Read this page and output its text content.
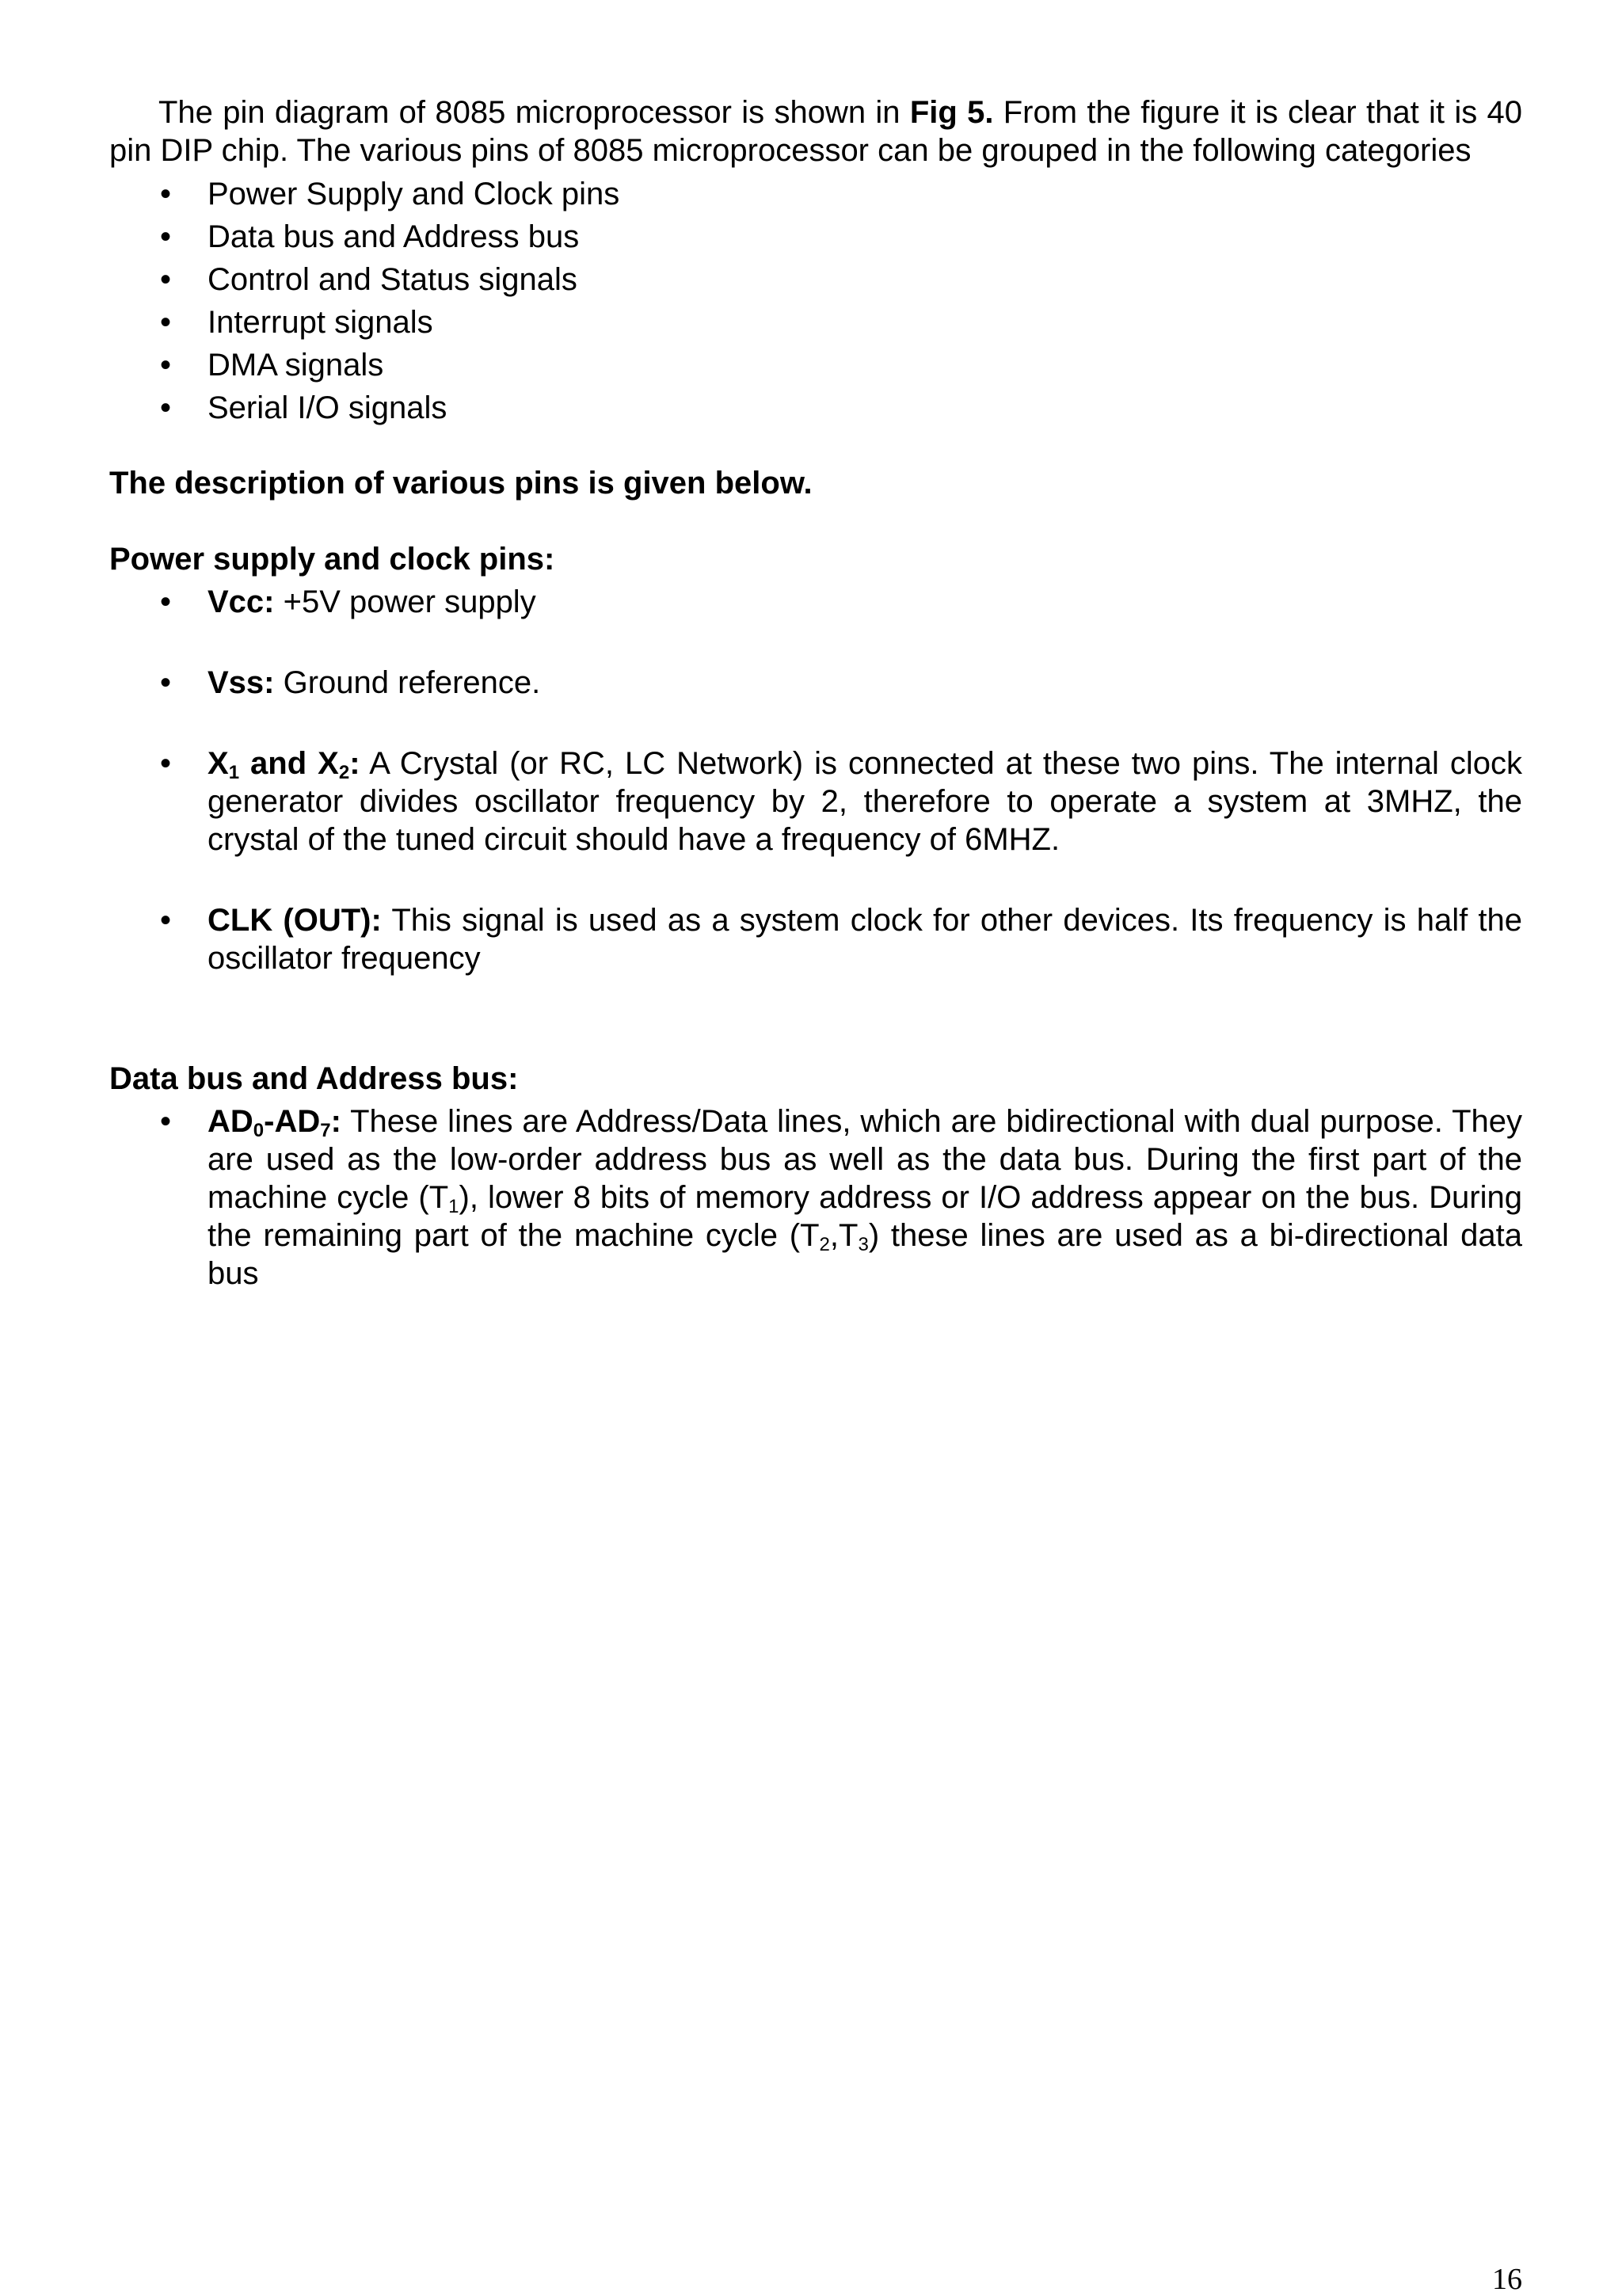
The pin diagram of 8085 microprocessor is shown in Fig 5. From the figure it is clear that it is 40 pin DIP chip. The various pins of 8085 microprocessor can be grouped in the following categories

• Power Supply and Clock pins
• Data bus and Address bus
• Control and Status signals
• Interrupt signals
• DMA signals
• Serial I/O signals

The description of various pins is given below.

Power supply and clock pins:

• Vcc: +5V power supply
• Vss: Ground reference.
• $X_1$ and $X_2$: A Crystal (or RC, LC Network) is connected at these two pins. The internal clock generator divides oscillator frequency by 2, therefore to operate a system at 3MHZ, the crystal of the tuned circuit should have a frequency of 6MHZ.
• CLK (OUT): This signal is used as a system clock for other devices. Its frequency is half the oscillator frequency

Data bus and Address bus:

• $AD_0-AD_7$: These lines are Address/Data lines, which are bidirectional with dual purpose. They are used as the low-order address bus as well as the data bus. During the first part of the machine cycle $(T_1)$, lower 8 bits of memory address or I/O address appear on the bus. During the remaining part of the machine cycle $(T_2,T_3)$ these lines are used as a bi-directional data bus
16
